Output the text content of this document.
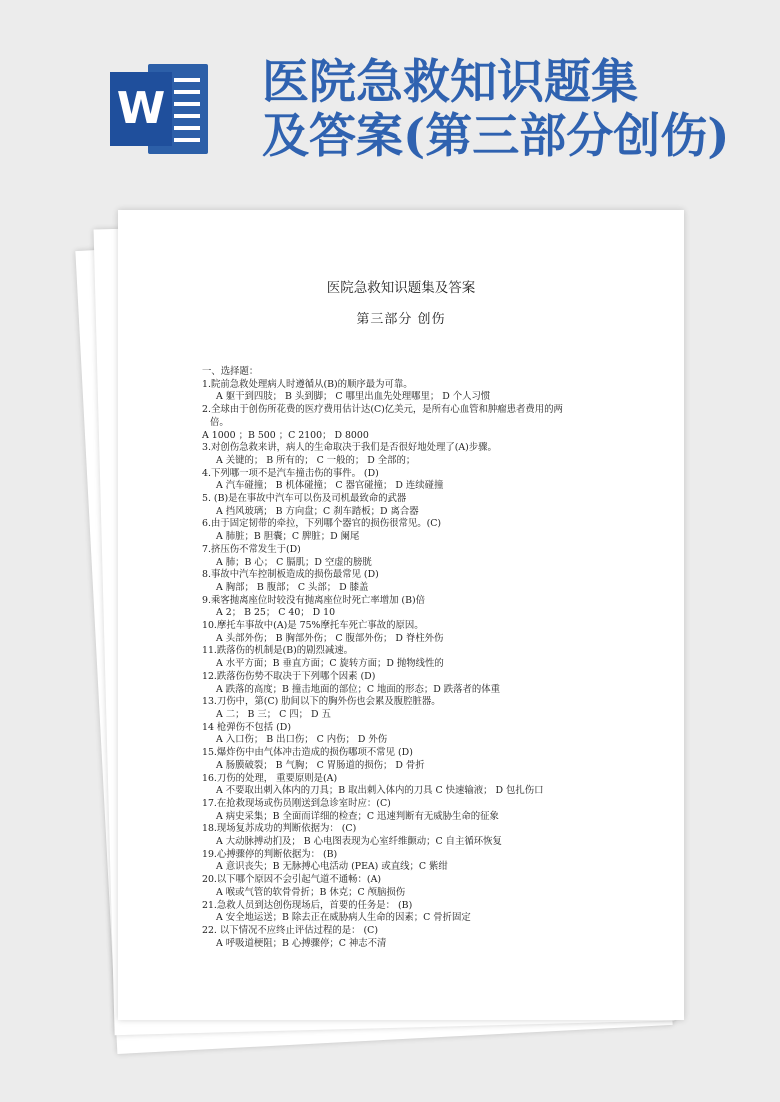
W 医院急救知识题集
及答案(第三部分创伤)
医院急救知识题集及答案
第三部分 创伤
一、选择题：
1.院前急救处理病人时遵循从(B)的顺序最为可靠。
A 躯干到四肢； B 头到脚； C 哪里出血先处理哪里； D 个人习惯
2.全球由于创伤所花费的医疗费用估计达(C)亿美元，是所有心血管和肿瘤患者费用的两
倍。
A 1000 ；B 500 ；C 2100； D 8000
3.对创伤急救来讲，病人的生命取决于我们是否很好地处理了(A)步骤。
A 关键的； B 所有的； C 一般的； D 全部的；
4.下列哪一项不是汽车撞击伤的事件。 (D)
A 汽车碰撞； B 机体碰撞； C 器官碰撞； D 连续碰撞
5. (B)是在事故中汽车可以伤及司机最致命的武器
A 挡风玻璃； B 方向盘；C 刹车踏板；D 离合器
6.由于固定韧带的牵拉，下列哪个器官的损伤很常见。(C)
A 肺脏；B 胆囊；C 脾脏；D 阑尾
7.挤压伤不常发生于(D)
A 肺；B 心； C 膈肌；D 空虚的膀胱
8.事故中汽车控制板造成的损伤最常见 (D)
A 胸部； B 腹部； C 头部； D 膝盖
9.乘客抛离座位时较没有抛离座位时死亡率增加 (B)倍
A 2； B 25； C 40； D 10
10.摩托车事故中(A)是 75%摩托车死亡事故的原因。
A 头部外伤； B 胸部外伤； C 腹部外伤； D 脊柱外伤
11.跌落伤的机制是(B)的剧烈减速。
A 水平方面；B 垂直方面；C 旋转方面；D 抛物线性的
12.跌落伤伤势不取决于下列哪个因素 (D)
A 跌落的高度；B 撞击地面的部位；C 地面的形态；D 跌落者的体重
13.刀伤中，第(C) 肋间以下的胸外伤也会累及腹腔脏器。
A 二； B 三； C 四； D 五
14 枪弹伤不包括 (D)
A 入口伤； B 出口伤； C 内伤； D 外伤
15.爆炸伤中由气体冲击造成的损伤哪项不常见 (D)
A 肠膜破裂； B 气胸； C 胃肠道的损伤； D 骨折
16.刀伤的处理， 重要原则是(A)
A 不要取出刺入体内的刀具；B 取出刺入体内的刀具 C 快速输液； D 包扎伤口
17.在抢救现场或伤员刚送到急诊室时应：(C)
A 病史采集；B 全面而详细的检查；C 迅速判断有无威胁生命的征象
18.现场复苏成功的判断依据为： (C)
A 大动脉搏动扪及； B 心电图表现为心室纤维颤动；C 自主循环恢复
19.心搏骤停的判断依据为： (B)
A 意识丧失；B 无脉搏心电活动 (PEA) 或直线；C 紫绀
20.以下哪个原因不会引起气道不通畅：(A)
A 喉或气管的软骨骨折；B 休克；C 颅脑损伤
21.急救人员到达创伤现场后，首要的任务是： (B)
A 安全地运送；B 除去正在威胁病人生命的因素；C 骨折固定
22. 以下情况不应终止评估过程的是： (C)
A 呼吸道梗阻；B 心搏骤停；C 神志不清
